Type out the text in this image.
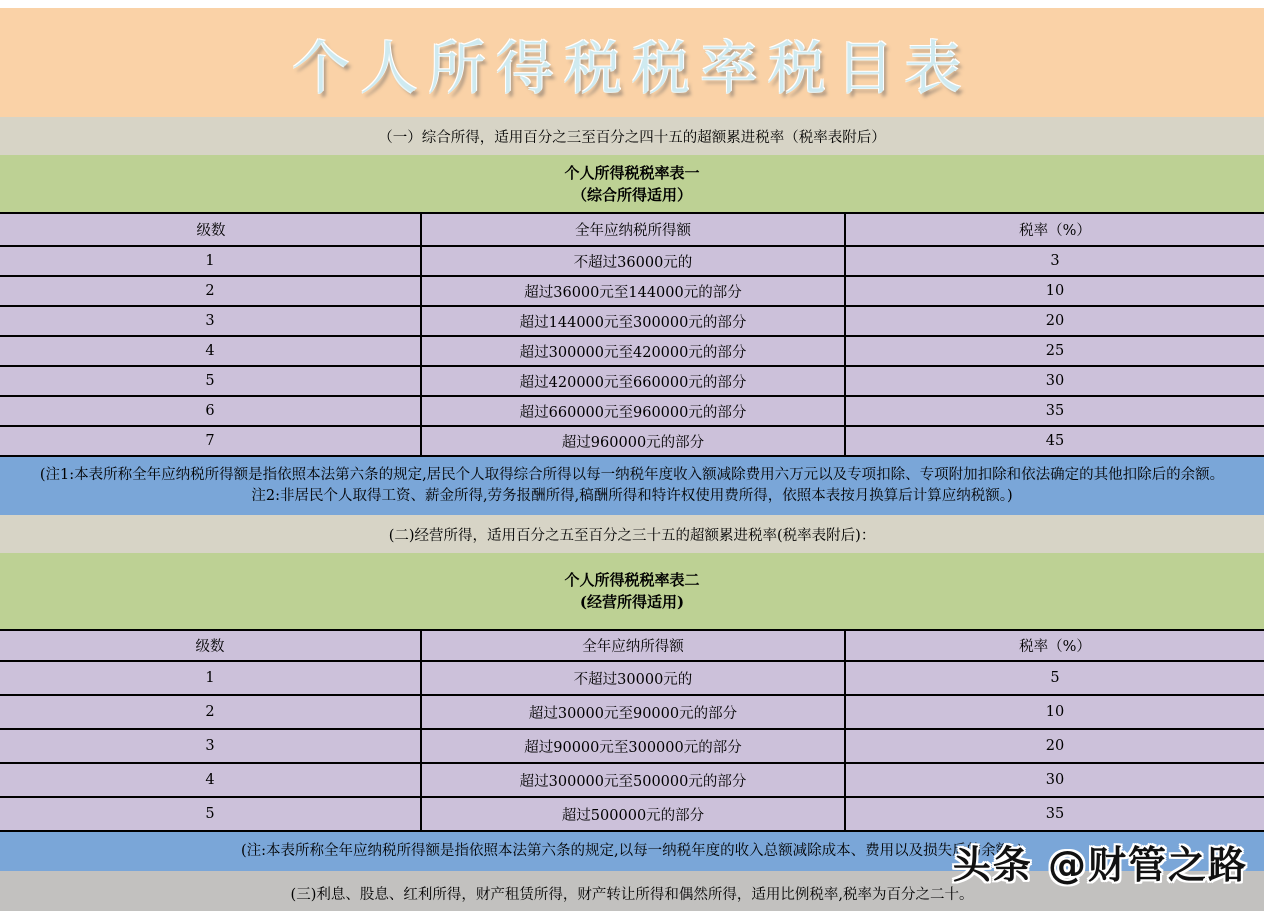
个人所得税税率税目表
（一）综合所得，适用百分之三至百分之四十五的超额累进税率（税率表附后）
个人所得税税率表一
（综合所得适用）
级数	全年应纳税所得额	税率（%）
1	不超过36000元的	3
2	超过36000元至144000元的部分	10
3	超过144000元至300000元的部分	20
4	超过300000元至420000元的部分	25
5	超过420000元至660000元的部分	30
6	超过660000元至960000元的部分	35
7	超过960000元的部分	45
(注1:本表所称全年应纳税所得额是指依照本法第六条的规定,居民个人取得综合所得以每一纳税年度收入额减除费用六万元以及专项扣除、专项附加扣除和依法确定的其他扣除后的余额。
注2:非居民个人取得工资、薪金所得,劳务报酬所得,稿酬所得和特许权使用费所得，依照本表按月换算后计算应纳税额。)
(二)经营所得，适用百分之五至百分之三十五的超额累进税率(税率表附后)：
个人所得税税率表二
(经营所得适用)
级数	全年应纳所得额	税率（%）
1	不超过30000元的	5
2	超过30000元至90000元的部分	10
3	超过90000元至300000元的部分	20
4	超过300000元至500000元的部分	30
5	超过500000元的部分	35
(注:本表所称全年应纳税所得额是指依照本法第六条的规定,以每一纳税年度的收入总额减除成本、费用以及损失后的余额。)
(三)利息、股息、红利所得，财产租赁所得，财产转让所得和偶然所得，适用比例税率,税率为百分之二十。
头条 @财管之路
